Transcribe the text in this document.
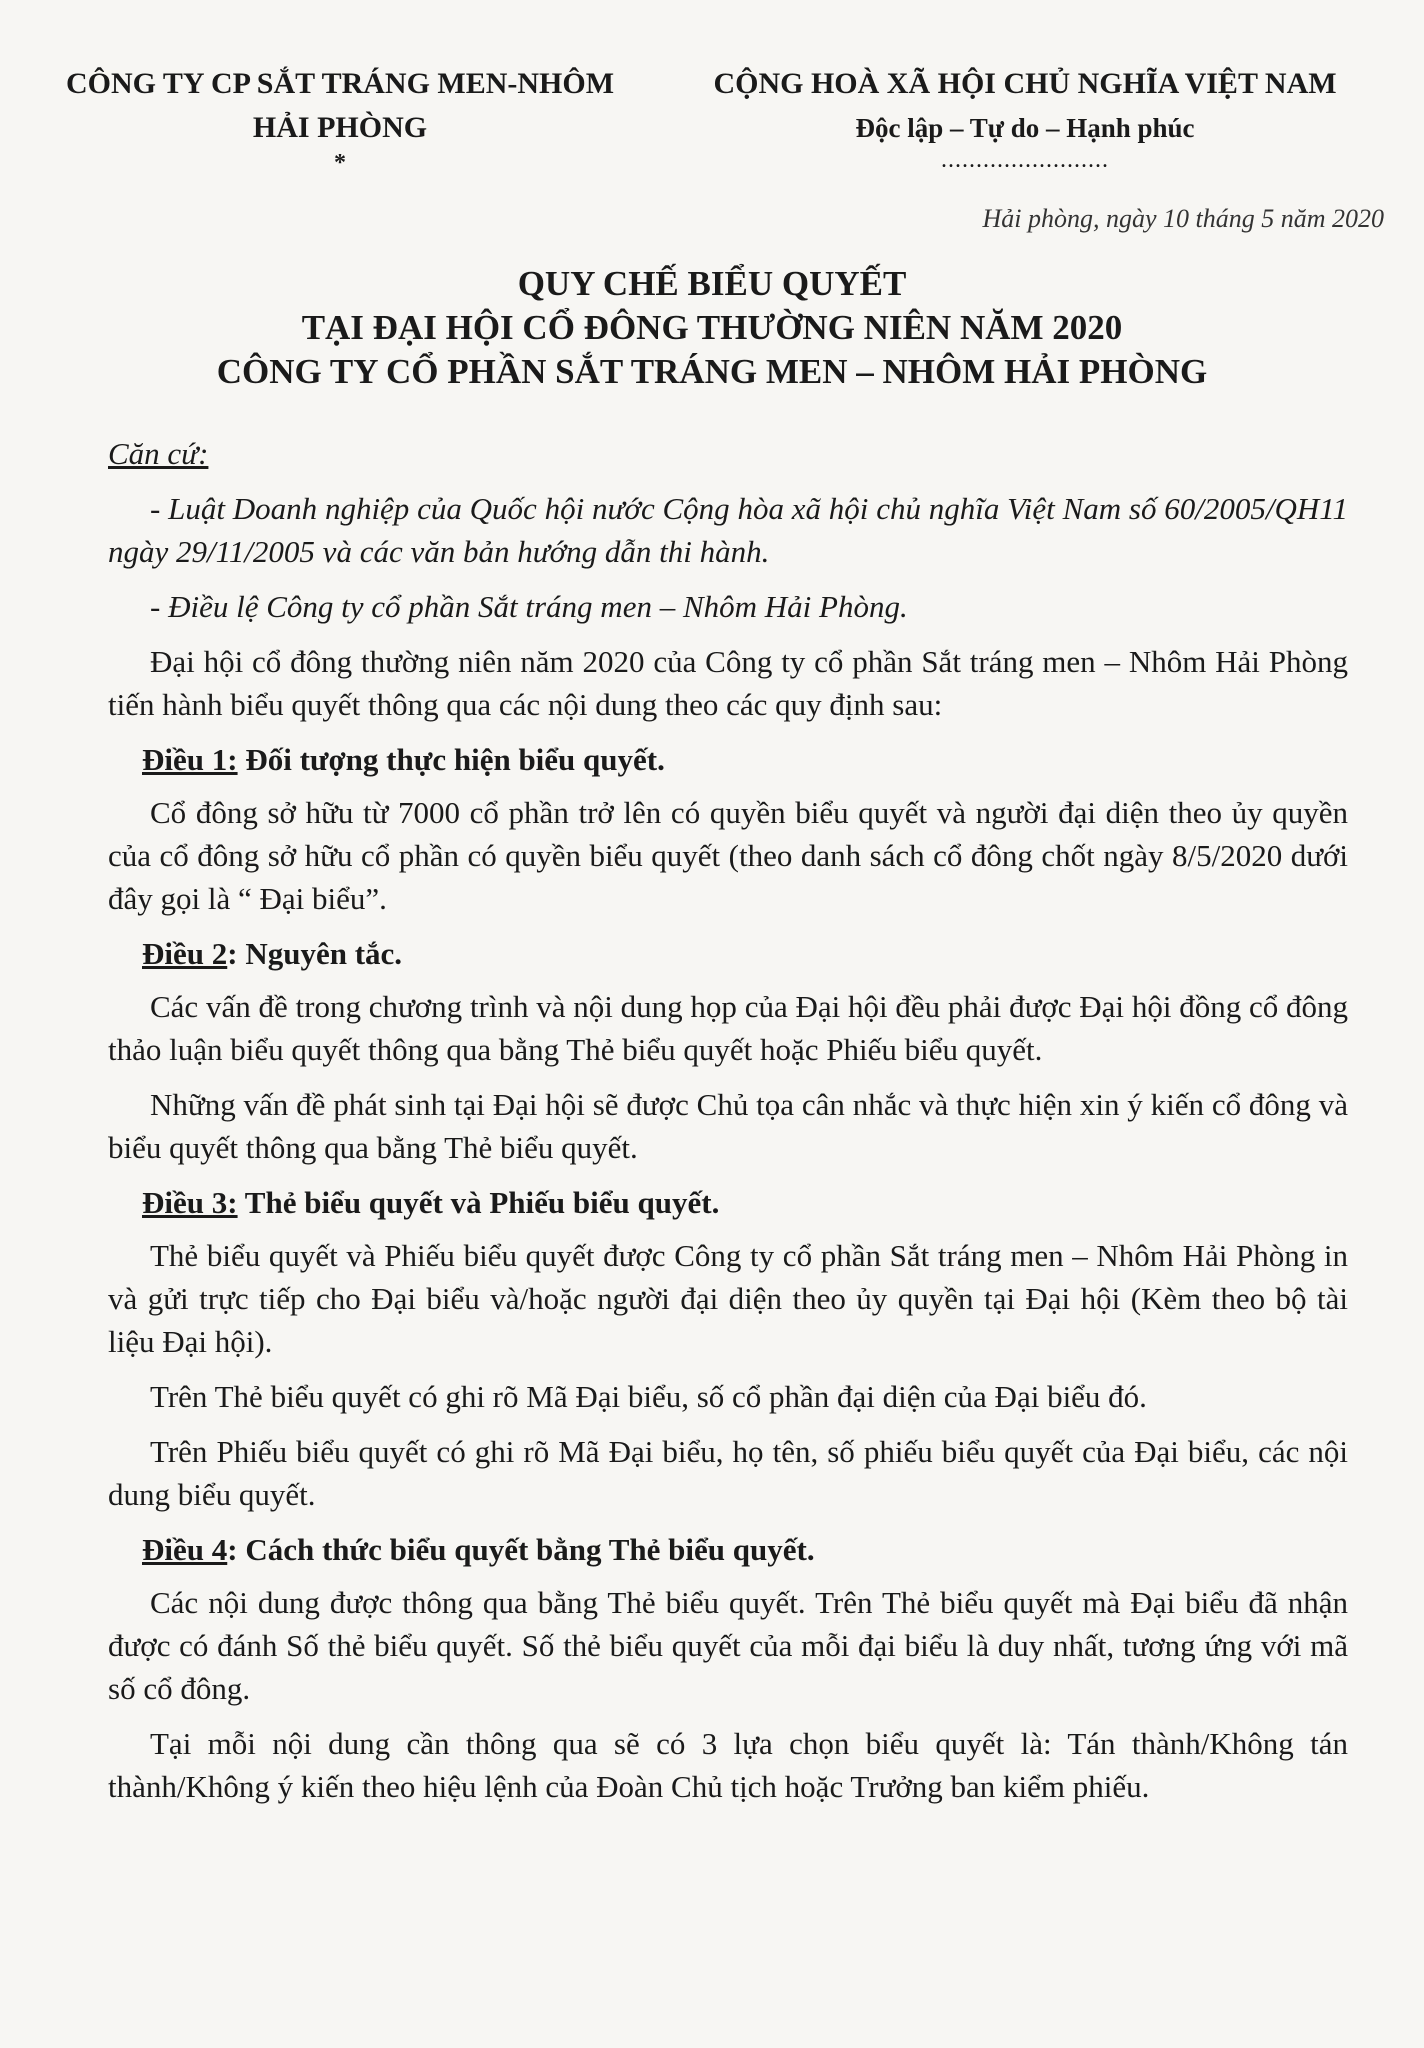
CÔNG TY CP SẮT TRÁNG MEN-NHÔM
HẢI PHÒNG
*
CỘNG HOÀ XÃ HỘI CHỦ NGHĨA VIỆT NAM
Độc lập – Tự do – Hạnh phúc
........................
Hải phòng, ngày 10 tháng 5 năm 2020
QUY CHẾ BIỂU QUYẾT
TẠI ĐẠI HỘI CỔ ĐÔNG THƯỜNG NIÊN NĂM 2020
CÔNG TY CỔ PHẦN SẮT TRÁNG MEN – NHÔM HẢI PHÒNG

Căn cứ:

- Luật Doanh nghiệp của Quốc hội nước Cộng hòa xã hội chủ nghĩa Việt Nam số 60/2005/QH11 ngày 29/11/2005 và các văn bản hướng dẫn thi hành.

- Điều lệ Công ty cổ phần Sắt tráng men – Nhôm Hải Phòng.

Đại hội cổ đông thường niên năm 2020 của Công ty cổ phần Sắt tráng men – Nhôm Hải Phòng tiến hành biểu quyết thông qua các nội dung theo các quy định sau:

Điều 1: Đối tượng thực hiện biểu quyết.

Cổ đông sở hữu từ 7000 cổ phần trở lên có quyền biểu quyết và người đại diện theo ủy quyền của cổ đông sở hữu cổ phần có quyền biểu quyết (theo danh sách cổ đông chốt ngày 8/5/2020 dưới đây gọi là “ Đại biểu”.

Điều 2: Nguyên tắc.

Các vấn đề trong chương trình và nội dung họp của Đại hội đều phải được Đại hội đồng cổ đông thảo luận biểu quyết thông qua bằng Thẻ biểu quyết hoặc Phiếu biểu quyết.

Những vấn đề phát sinh tại Đại hội sẽ được Chủ tọa cân nhắc và thực hiện xin ý kiến cổ đông và biểu quyết thông qua bằng Thẻ biểu quyết.

Điều 3: Thẻ biểu quyết và Phiếu biểu quyết.

Thẻ biểu quyết và Phiếu biểu quyết được Công ty cổ phần Sắt tráng men – Nhôm Hải Phòng in và gửi trực tiếp cho Đại biểu và/hoặc người đại diện theo ủy quyền tại Đại hội (Kèm theo bộ tài liệu Đại hội).

Trên Thẻ biểu quyết có ghi rõ Mã Đại biểu, số cổ phần đại diện của Đại biểu đó.

Trên Phiếu biểu quyết có ghi rõ Mã Đại biểu, họ tên, số phiếu biểu quyết của Đại biểu, các nội dung biểu quyết.

Điều 4: Cách thức biểu quyết bằng Thẻ biểu quyết.

Các nội dung được thông qua bằng Thẻ biểu quyết. Trên Thẻ biểu quyết mà Đại biểu đã nhận được có đánh Số thẻ biểu quyết. Số thẻ biểu quyết của mỗi đại biểu là duy nhất, tương ứng với mã số cổ đông.

Tại mỗi nội dung cần thông qua sẽ có 3 lựa chọn biểu quyết là: Tán thành/Không tán thành/Không ý kiến theo hiệu lệnh của Đoàn Chủ tịch hoặc Trưởng ban kiểm phiếu.
